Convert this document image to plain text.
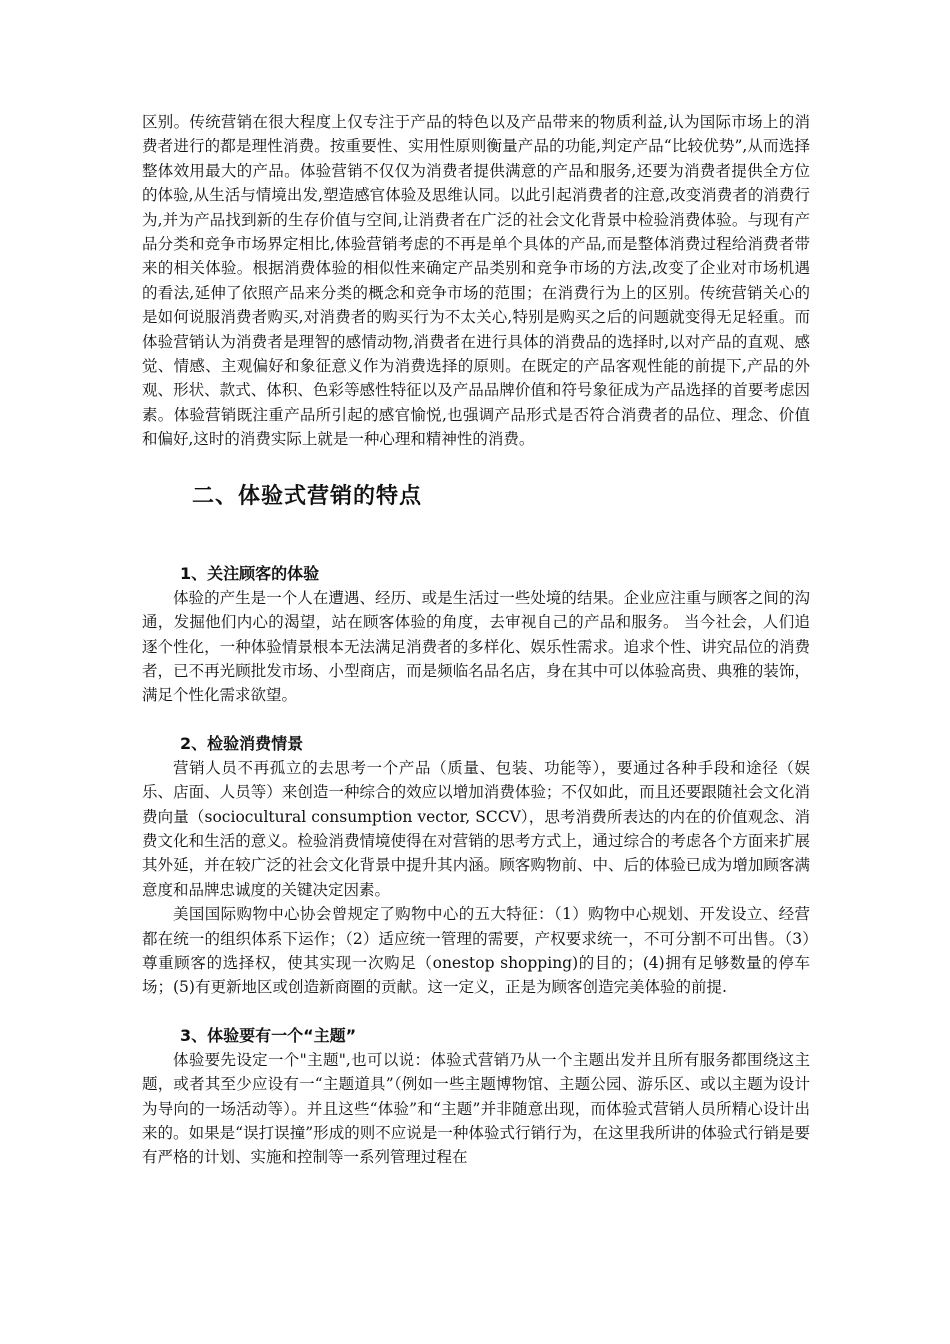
区别。传统营销在很大程度上仅专注于产品的特色以及产品带来的物质利益,认为国际市场上的消费者进行的都是理性消费。按重要性、实用性原则衡量产品的功能,判定产品“比较优势”,从而选择整体效用最大的产品。体验营销不仅仅为消费者提供满意的产品和服务,还要为消费者提供全方位的体验,从生活与情境出发,塑造感官体验及思维认同。以此引起消费者的注意,改变消费者的消费行为,并为产品找到新的生存价值与空间,让消费者在广泛的社会文化背景中检验消费体验。与现有产品分类和竞争市场界定相比,体验营销考虑的不再是单个具体的产品,而是整体消费过程给消费者带来的相关体验。根据消费体验的相似性来确定产品类别和竞争市场的方法,改变了企业对市场机遇的看法,延伸了依照产品来分类的概念和竞争市场的范围；在消费行为上的区别。传统营销关心的是如何说服消费者购买,对消费者的购买行为不太关心,特别是购买之后的问题就变得无足轻重。而体验营销认为消费者是理智的感情动物,消费者在进行具体的消费品的选择时,以对产品的直观、感觉、情感、主观偏好和象征意义作为消费选择的原则。在既定的产品客观性能的前提下,产品的外观、形状、款式、体积、色彩等感性特征以及产品品牌价值和符号象征成为产品选择的首要考虑因素。体验营销既注重产品所引起的感官愉悦,也强调产品形式是否符合消费者的品位、理念、价值和偏好,这时的消费实际上就是一种心理和精神性的消费。

二、体验式营销的特点
1、关注顾客的体验

体验的产生是一个人在遭遇、经历、或是生活过一些处境的结果。企业应注重与顾客之间的沟通，发掘他们内心的渴望，站在顾客体验的角度，去审视自己的产品和服务。 当今社会，人们追逐个性化，一种体验情景根本无法满足消费者的多样化、娱乐性需求。追求个性、讲究品位的消费者，已不再光顾批发市场、小型商店，而是频临名品名店，身在其中可以体验高贵、典雅的装饰，满足个性化需求欲望。

2、检验消费情景

营销人员不再孤立的去思考一个产品（质量、包装、功能等），要通过各种手段和途径（娱乐、店面、人员等）来创造一种综合的效应以增加消费体验；不仅如此，而且还要跟随社会文化消费向量（sociocultural consumption vector, SCCV），思考消费所表达的内在的价值观念、消费文化和生活的意义。检验消费情境使得在对营销的思考方式上，通过综合的考虑各个方面来扩展其外延，并在较广泛的社会文化背景中提升其内涵。顾客购物前、中、后的体验已成为增加顾客满意度和品牌忠诚度的关键决定因素。

美国国际购物中心协会曾规定了购物中心的五大特征：（1）购物中心规划、开发设立、经营都在统一的组织体系下运作；（2）适应统一管理的需要，产权要求统一，不可分割不可出售。（3）尊重顾客的选择权，使其实现一次购足（onestop shopping)的目的；(4)拥有足够数量的停车场；(5)有更新地区或创造新商圈的贡献。这一定义，正是为顾客创造完美体验的前提.

3、体验要有一个“主题”

体验要先设定一个"主题",也可以说：体验式营销乃从一个主题出发并且所有服务都围绕这主题，或者其至少应设有一“主题道具”（例如一些主题博物馆、主题公园、游乐区、或以主题为设计为导向的一场活动等）。并且这些“体验”和“主题”并非随意出现，而体验式营销人员所精心设计出来的。如果是“误打误撞”形成的则不应说是一种体验式行销行为，在这里我所讲的体验式行销是要有严格的计划、实施和控制等一系列管理过程在
